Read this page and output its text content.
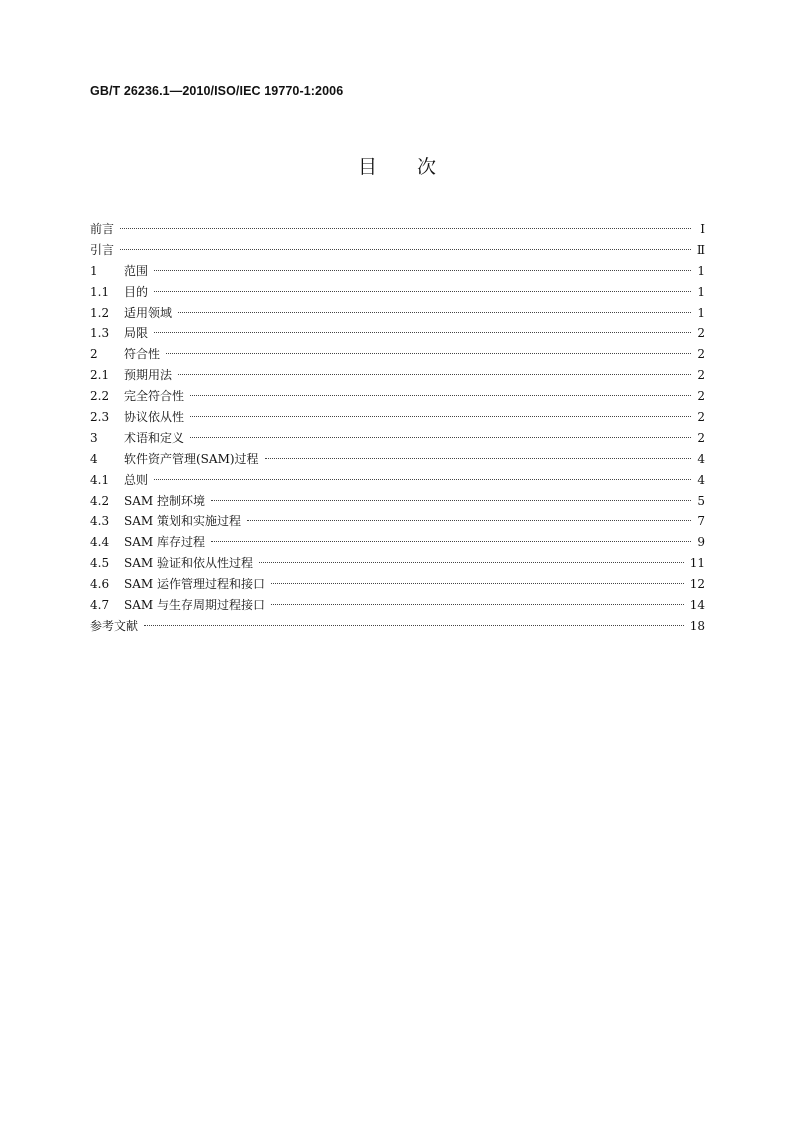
GB/T 26236.1—2010/ISO/IEC 19770-1:2006
目 次
前言	Ⅰ
引言	Ⅱ
1	范围	1
1.1	目的	1
1.2	适用领域	1
1.3	局限	2
2	符合性	2
2.1	预期用法	2
2.2	完全符合性	2
2.3	协议依从性	2
3	术语和定义	2
4	软件资产管理(SAM)过程	4
4.1	总则	4
4.2	SAM 控制环境	5
4.3	SAM 策划和实施过程	7
4.4	SAM 库存过程	9
4.5	SAM 验证和依从性过程	11
4.6	SAM 运作管理过程和接口	12
4.7	SAM 与生存周期过程接口	14
参考文献	18
